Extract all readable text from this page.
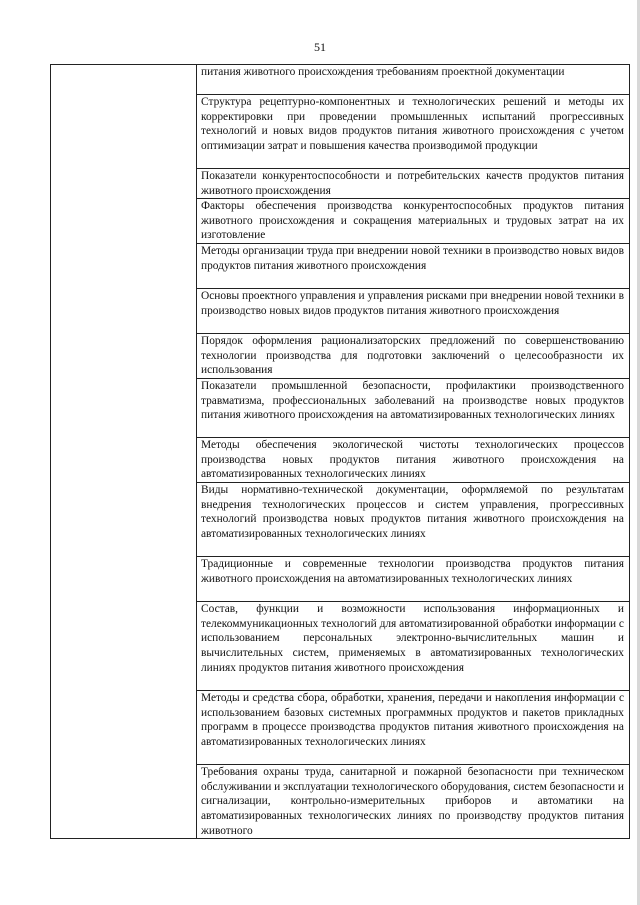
51
	питания животного происхождения требованиям проектной документации
Структура рецептурно-компонентных и технологических решений и методы их корректировки при проведении промышленных испытаний прогрессивных технологий и новых видов продуктов питания животного происхождения с учетом оптимизации затрат и повышения качества производимой продукции
Показатели конкурентоспособности и потребительских качеств продуктов питания животного происхождения
Факторы обеспечения производства конкурентоспособных продуктов питания животного происхождения и сокращения материальных и трудовых затрат на их изготовление
Методы организации труда при внедрении новой техники в производство новых видов продуктов питания животного происхождения
Основы проектного управления и управления рисками при внедрении новой техники в производство новых видов продуктов питания животного происхождения
Порядок оформления рационализаторских предложений по совершенствованию технологии производства для подготовки заключений о целесообразности их использования
Показатели промышленной безопасности, профилактики производственного травматизма, профессиональных заболеваний на производстве новых продуктов питания животного происхождения на автоматизированных технологических линиях
Методы обеспечения экологической чистоты технологических процессов производства новых продуктов питания животного происхождения на автоматизированных технологических линиях
Виды нормативно-технической документации, оформляемой по результатам внедрения технологических процессов и систем управления, прогрессивных технологий производства новых продуктов питания животного происхождения на автоматизированных технологических линиях
Традиционные и современные технологии производства продуктов питания животного происхождения на автоматизированных технологических линиях
Состав, функции и возможности использования информационных и телекоммуникационных технологий для автоматизированной обработки информации с использованием персональных электронно-вычислительных машин и вычислительных систем, применяемых в автоматизированных технологических линиях продуктов питания животного происхождения
Методы и средства сбора, обработки, хранения, передачи и накопления информации с использованием базовых системных программных продуктов и пакетов прикладных программ в процессе производства продуктов питания животного происхождения на автоматизированных технологических линиях
Требования охраны труда, санитарной и пожарной безопасности при техническом обслуживании и эксплуатации технологического оборудования, систем безопасности и сигнализации, контрольно-измерительных приборов и автоматики на автоматизированных технологических линиях по производству продуктов питания животного
